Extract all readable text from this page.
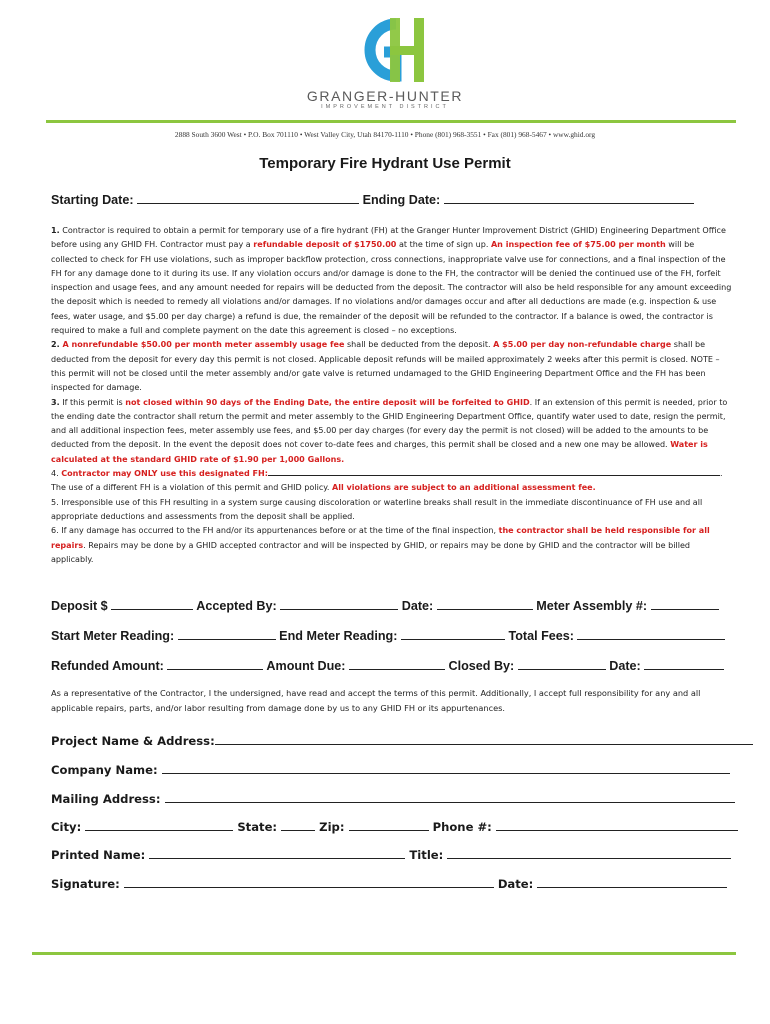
GRANGER-HUNTER
IMPROVEMENT DISTRICT
2888 South 3600 West • P.O. Box 701110 • West Valley City, Utah 84170-1110 • Phone (801) 968-3551 • Fax (801) 968-5467 • www.ghid.org
Temporary Fire Hydrant Use Permit
Starting Date:	Ending Date:

1. Contractor is required to obtain a permit for temporary use of a fire hydrant (FH) at the Granger Hunter Improvement District (GHID) Engineering Department Office before using any GHID FH. Contractor must pay a refundable deposit of $1750.00 at the time of sign up. An inspection fee of $75.00 per month will be collected to check for FH use violations, such as improper backflow protection, cross connections, inappropriate valve use for connections, and a final inspection of the FH for any damage done to it during its use. If any violation occurs and/or damage is done to the FH, the contractor will be denied the continued use of the FH, forfeit inspection and usage fees, and any amount needed for repairs will be deducted from the deposit. The contractor will also be held responsible for any amount exceeding the deposit which is needed to remedy all violations and/or damages. If no violations and/or damages occur and after all deductions are made (e.g. inspection & use fees, water usage, and $5.00 per day charge) a refund is due, the remainder of the deposit will be refunded to the contractor. If a balance is owed, the contractor is required to make a full and complete payment on the date this agreement is closed – no exceptions.

2. A nonrefundable $50.00 per month meter assembly usage fee shall be deducted from the deposit. A $5.00 per day non-refundable charge shall be deducted from the deposit for every day this permit is not closed. Applicable deposit refunds will be mailed approximately 2 weeks after this permit is closed. NOTE – this permit will not be closed until the meter assembly and/or gate valve is returned undamaged to the GHID Engineering Department Office and the FH has been inspected for damage.

3. If this permit is not closed within 90 days of the Ending Date, the entire deposit will be forfeited to GHID. If an extension of this permit is needed, prior to the ending date the contractor shall return the permit and meter assembly to the GHID Engineering Department Office, quantify water used to date, resign the permit, and all additional inspection fees, meter assembly use fees, and $5.00 per day charges (for every day the permit is not closed) will be added to the amounts to be deducted from the deposit. In the event the deposit does not cover to-date fees and charges, this permit shall be closed and a new one may be allowed. Water is calculated at the standard GHID rate of $1.90 per 1,000 Gallons.

4. Contractor may ONLY use this designated FH:	.
The use of a different FH is a violation of this permit and GHID policy. All violations are subject to an additional assessment fee.

5. Irresponsible use of this FH resulting in a system surge causing discoloration or waterline breaks shall result in the immediate discontinuance of FH use and all appropriate deductions and assessments from the deposit shall be applied.

6. If any damage has occurred to the FH and/or its appurtenances before or at the time of the final inspection, the contractor shall be held responsible for all repairs. Repairs may be done by a GHID accepted contractor and will be inspected by GHID, or repairs may be done by GHID and the contractor will be billed applicably.

Deposit $	Accepted By:	Date:	Meter Assembly #:
Start Meter Reading:	End Meter Reading:	Total Fees:
Refunded Amount:	Amount Due:	Closed By:	Date:
As a representative of the Contractor, I the undersigned, have read and accept the terms of this permit. Additionally, I accept full responsibility for any and all applicable repairs, parts, and/or labor resulting from damage done by us to any GHID FH or its appurtenances.
Project Name & Address:
Company Name:
Mailing Address:
City:	State:	Zip:	Phone #:
Printed Name:	Title:
Signature:	Date:
